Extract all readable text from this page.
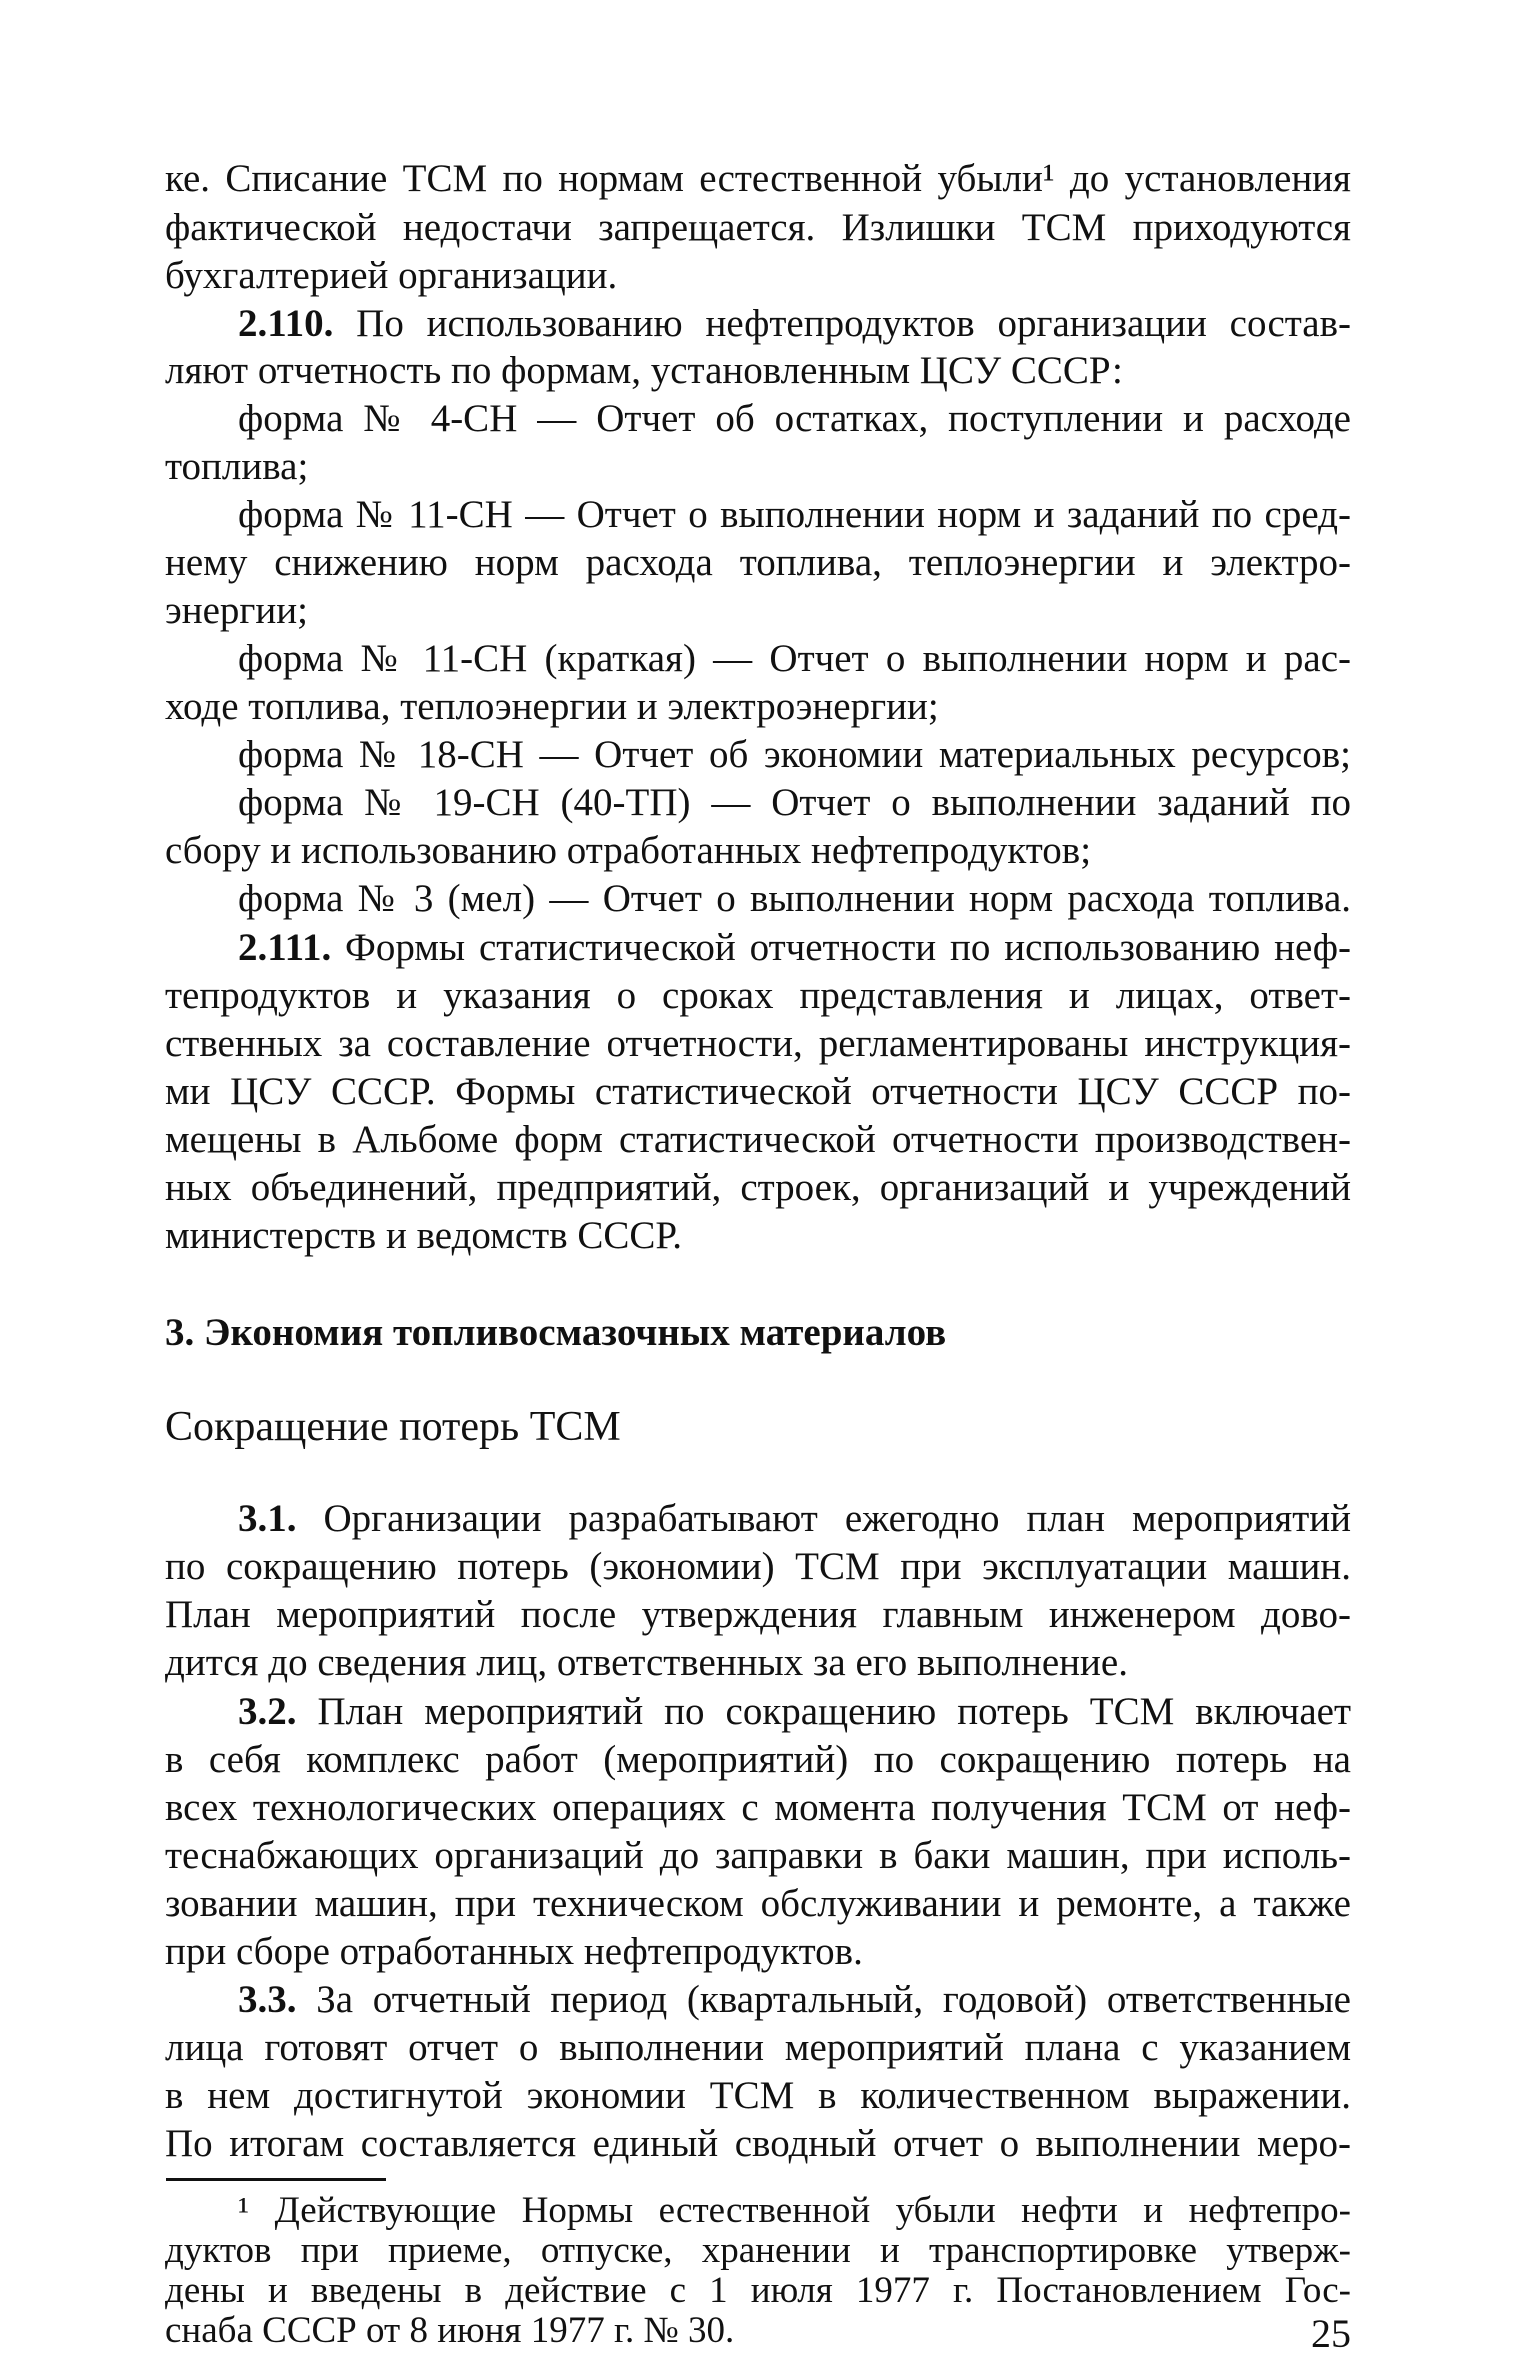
ке. Списание ТСМ по нормам естественной убыли¹ до установления
фактической недостачи запрещается. Излишки ТСМ приходуются
бухгалтерией организации.
2.110. По использованию нефтепродуктов организации состав-
ляют отчетность по формам, установленным ЦСУ СССР:
форма № 4-СН — Отчет об остатках, поступлении и расходе
топлива;
форма № 11-СН — Отчет о выполнении норм и заданий по сред-
нему снижению норм расхода топлива, теплоэнергии и электро-
энергии;
форма № 11-СН (краткая) — Отчет о выполнении норм и рас-
ходе топлива, теплоэнергии и электроэнергии;
форма № 18-СН — Отчет об экономии материальных ресурсов;
форма № 19-СН (40-ТП) — Отчет о выполнении заданий по
сбору и использованию отработанных нефтепродуктов;
форма № 3 (мел) — Отчет о выполнении норм расхода топлива.
2.111. Формы статистической отчетности по использованию неф-
тепродуктов и указания о сроках представления и лицах, ответ-
ственных за составление отчетности, регламентированы инструкция-
ми ЦСУ СССР. Формы статистической отчетности ЦСУ СССР по-
мещены в Альбоме форм статистической отчетности производствен-
ных объединений, предприятий, строек, организаций и учреждений
министерств и ведомств СССР.
3. Экономия топливосмазочных материалов
Сокращение потерь ТСМ
3.1. Организации разрабатывают ежегодно план мероприятий
по сокращению потерь (экономии) ТСМ при эксплуатации машин.
План мероприятий после утверждения главным инженером дово-
дится до сведения лиц, ответственных за его выполнение.
3.2. План мероприятий по сокращению потерь ТСМ включает
в себя комплекс работ (мероприятий) по сокращению потерь на
всех технологических операциях с момента получения ТСМ от неф-
теснабжающих организаций до заправки в баки машин, при исполь-
зовании машин, при техническом обслуживании и ремонте, а также
при сборе отработанных нефтепродуктов.
3.3. За отчетный период (квартальный, годовой) ответственные
лица готовят отчет о выполнении мероприятий плана с указанием
в нем достигнутой экономии ТСМ в количественном выражении.
По итогам составляется единый сводный отчет о выполнении меро-
¹ Действующие Нормы естественной убыли нефти и нефтепро-
дуктов при приеме, отпуске, хранении и транспортировке утверж-
дены и введены в действие с 1 июля 1977 г. Постановлением Гос-
снаба СССР от 8 июня 1977 г. № 30.	25
